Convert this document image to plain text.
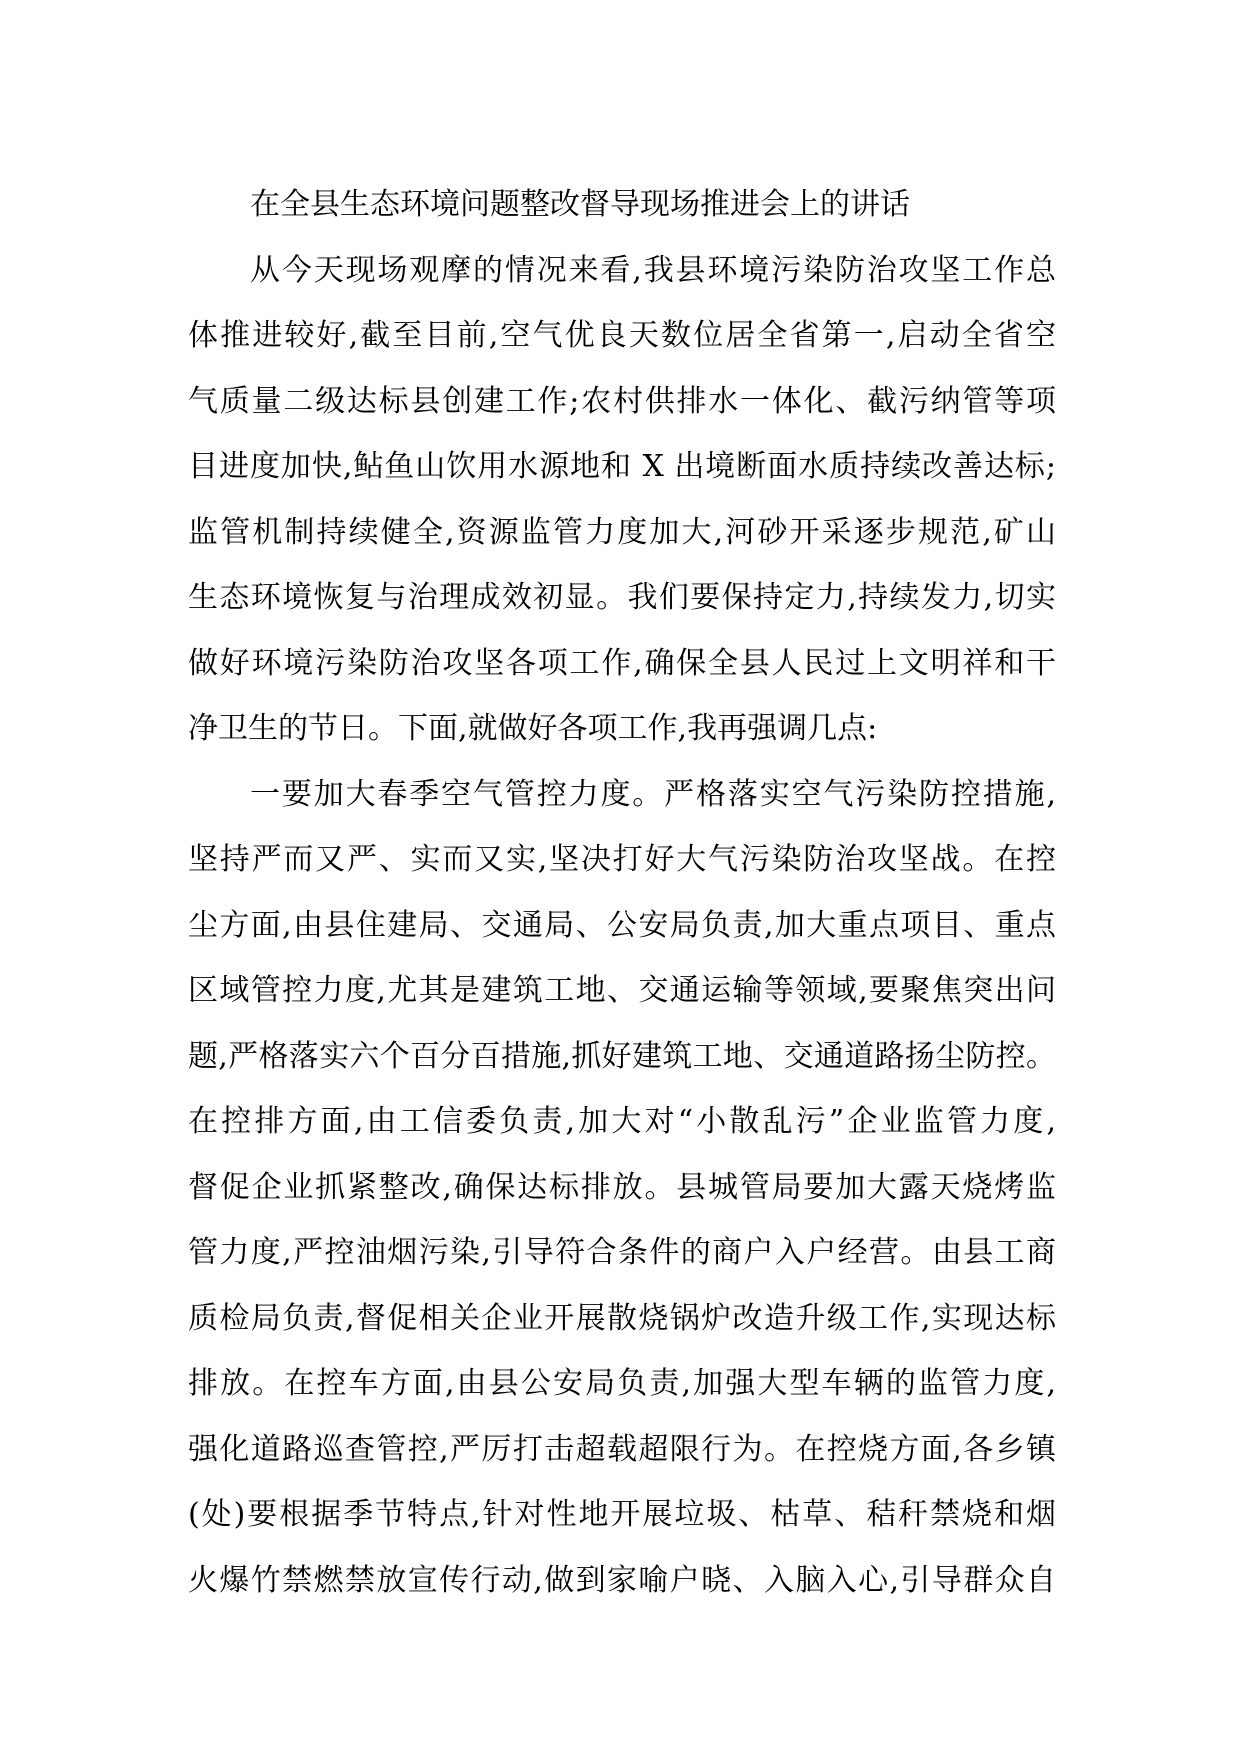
在全县生态环境问题整改督导现场推进会上的讲话
从今天现场观摩的情况来看,我县环境污染防治攻坚工作总
体推进较好,截至目前,空气优良天数位居全省第一,启动全省空
气质量二级达标县创建工作;农村供排水一体化、截污纳管等项
目进度加快,鲇鱼山饮用水源地和 X 出境断面水质持续改善达标;
监管机制持续健全,资源监管力度加大,河砂开采逐步规范,矿山
生态环境恢复与治理成效初显。我们要保持定力,持续发力,切实
做好环境污染防治攻坚各项工作,确保全县人民过上文明祥和干
净卫生的节日。下面,就做好各项工作,我再强调几点:
一要加大春季空气管控力度。严格落实空气污染防控措施,
坚持严而又严、实而又实,坚决打好大气污染防治攻坚战。在控
尘方面,由县住建局、交通局、公安局负责,加大重点项目、重点
区域管控力度,尤其是建筑工地、交通运输等领域,要聚焦突出问
题,严格落实六个百分百措施,抓好建筑工地、交通道路扬尘防控。
在控排方面,由工信委负责,加大对“小散乱污”企业监管力度,
督促企业抓紧整改,确保达标排放。县城管局要加大露天烧烤监
管力度,严控油烟污染,引导符合条件的商户入户经营。由县工商
质检局负责,督促相关企业开展散烧锅炉改造升级工作,实现达标
排放。在控车方面,由县公安局负责,加强大型车辆的监管力度,
强化道路巡查管控,严厉打击超载超限行为。在控烧方面,各乡镇
(处)要根据季节特点,针对性地开展垃圾、枯草、秸秆禁烧和烟
火爆竹禁燃禁放宣传行动,做到家喻户晓、入脑入心,引导群众自
